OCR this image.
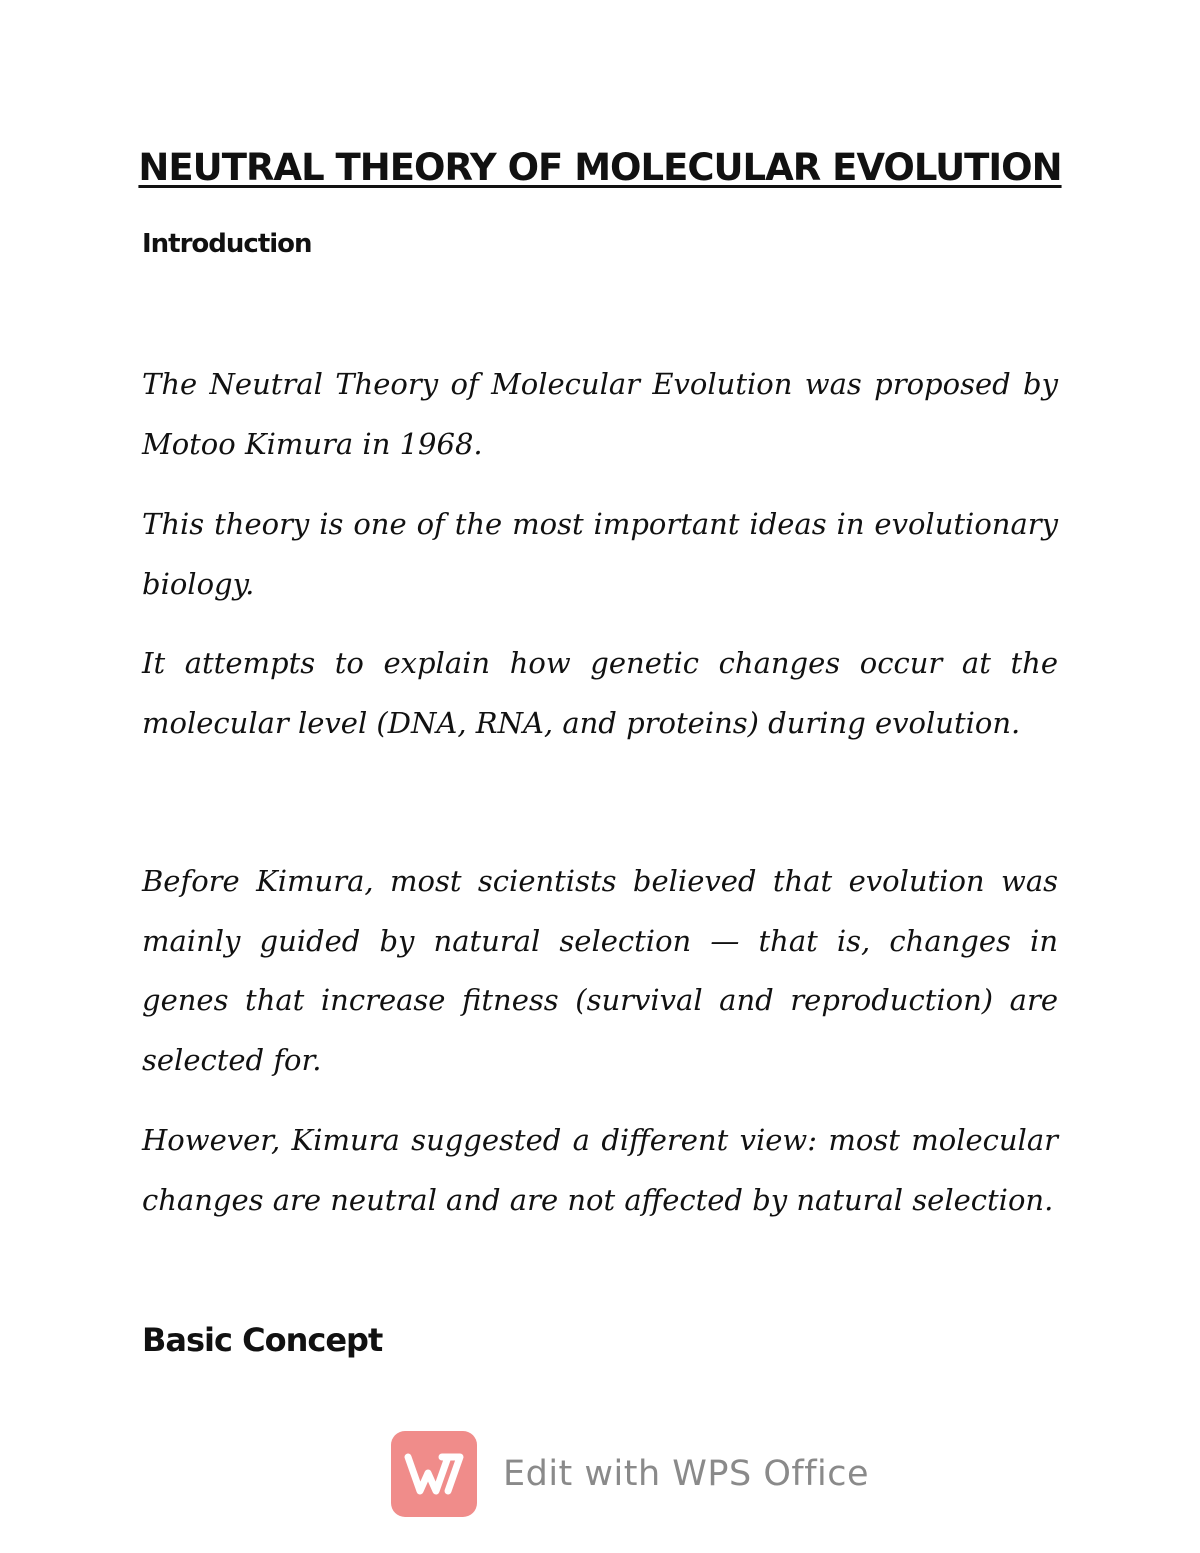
NEUTRAL THEORY OF MOLECULAR EVOLUTION
Introduction

The Neutral Theory of Molecular Evolution was proposed by Motoo Kimura in 1968.

This theory is one of the most important ideas in evolutionary biology.

It attempts to explain how genetic changes occur at the molecular level (DNA, RNA, and proteins) during evolution.

Before Kimura, most scientists believed that evolution was mainly guided by natural selection — that is, changes in genes that increase fitness (survival and reproduction) are selected for.

However, Kimura suggested a different view: most molecular changes are neutral and are not affected by natural selection.

Basic Concept
Edit with WPS Office
